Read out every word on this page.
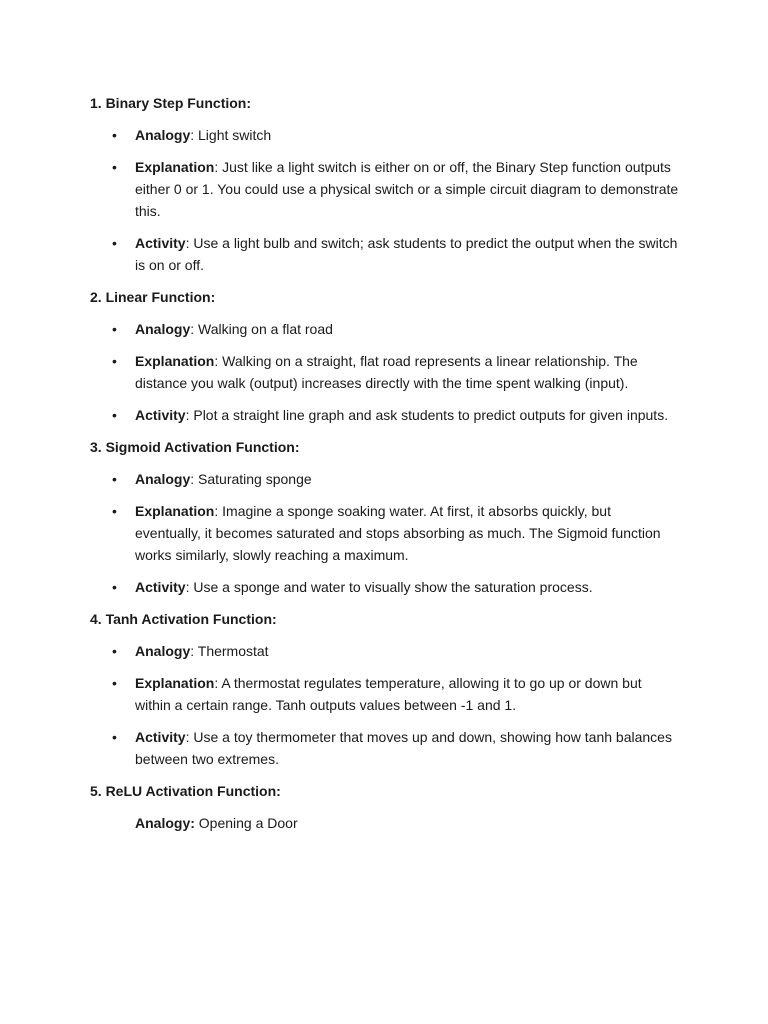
1. Binary Step Function:
• Analogy: Light switch
• Explanation: Just like a light switch is either on or off, the Binary Step function outputs either 0 or 1. You could use a physical switch or a simple circuit diagram to demonstrate this.
• Activity: Use a light bulb and switch; ask students to predict the output when the switch is on or off.
2. Linear Function:
• Analogy: Walking on a flat road
• Explanation: Walking on a straight, flat road represents a linear relationship. The distance you walk (output) increases directly with the time spent walking (input).
• Activity: Plot a straight line graph and ask students to predict outputs for given inputs.
3. Sigmoid Activation Function:
• Analogy: Saturating sponge
• Explanation: Imagine a sponge soaking water. At first, it absorbs quickly, but eventually, it becomes saturated and stops absorbing as much. The Sigmoid function works similarly, slowly reaching a maximum.
• Activity: Use a sponge and water to visually show the saturation process.
4. Tanh Activation Function:
• Analogy: Thermostat
• Explanation: A thermostat regulates temperature, allowing it to go up or down but within a certain range. Tanh outputs values between -1 and 1.
• Activity: Use a toy thermometer that moves up and down, showing how tanh balances between two extremes.
5. ReLU Activation Function:
Analogy: Opening a Door
